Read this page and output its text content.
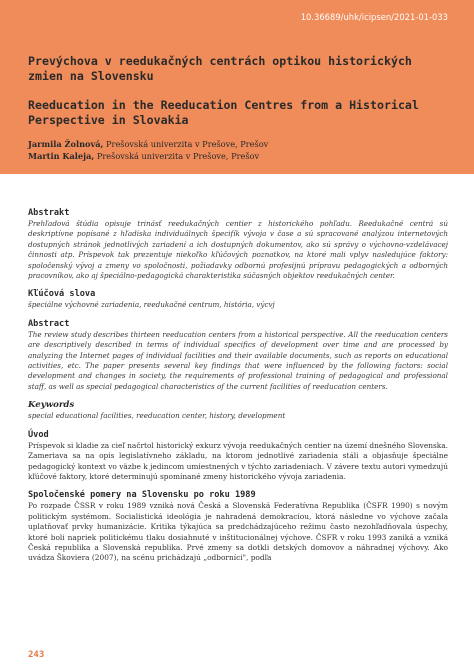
10.36689/uhk/icipsen/2021-01-033
Prevýchova v reedukačných centrách optikou historických zmien na Slovensku
Reeducation in the Reeducation Centres from a Historical Perspective in Slovakia
Jarmila Žolnová, Prešovská univerzita v Prešove, Prešov
Martin Kaleja, Prešovská univerzita v Prešove, Prešov

Abstrakt

Prehľadová štúdia opisuje trinásť reedukačných centier z historického pohľadu. Reedukačné centrá sú deskriptívne popísané z hľadiska individuálnych špecifík vývoja v čase a sú spracované analýzou internetových dostupných stránok jednotlivých zariadení a ich dostupných dokumentov, ako sú správy o výchovno-vzdelávacej činnosti atp. Príspevok tak prezentuje niekoľko kľúčových poznatkov, na ktoré mali vplyv nasledujúce faktory: spoločenský vývoj a zmeny vo spoločnosti, požiadavky odbornú profesijnú prípravu pedagogických a odborných pracovníkov, ako aj špeciálno-pedagogická charakteristika súčasných objektov reedukačných center.

Kľúčová slova

špeciálne výchovné zariadenia, reedukačné centrum, história, výcvj

Abstract

The review study describes thirteen reeducation centers from a historical perspective. All the reeducation centers are descriptively described in terms of individual specifics of development over time and are processed by analyzing the Internet pages of individual facilities and their available documents, such as reports on educational activities, etc. The paper presents several key findings that were influenced by the following factors: social development and changes in society, the requirements of professional training of pedagogical and professional staff, as well as special pedagogical characteristics of the current facilities of reeducation centers.

Keywords

special educational facilities, reeducation center, history, development

Úvod

Príspevok si kladie za cieľ načrtol historický exkurz vývoja reedukačných centier na území dnešného Slovenska. Zameriava sa na opis legislatívneho základu, na ktorom jednotlivé zariadenia stáli a objasňuje špeciálne pedagogický kontext vo väzbe k jedincom umiestnených v týchto zariadeniach. V závere textu autori vymedzujú kľúčové faktory, ktoré determinujú spomínané zmeny historického vývoja zariadenia.

Spoločenské pomery na Slovensku po roku 1989

Po rozpade ČSSR v roku 1989 vzniká nová Česká a Slovenská Federatívna Republika (ČSFR 1990) s novým politickým systémom. Socialistická ideológia je nahradená demokraciou, ktorá následne vo výchove začala uplatňovať prvky humanizácie. Kritika týkajúca sa predchádzajúceho režimu často nezohľadňovala úspechy, ktoré boli napriek politickému tlaku dosiahnuté v inštitucionálnej výchove. ČSFR v roku 1993 zaniká a vzniká Česká republika a Slovenská republika. Prvé zmeny sa dotkli detských domovov a náhradnej výchovy. Ako uvádza Škoviera (2007), na scénu prichádzajú „odborníci", podľa

243
